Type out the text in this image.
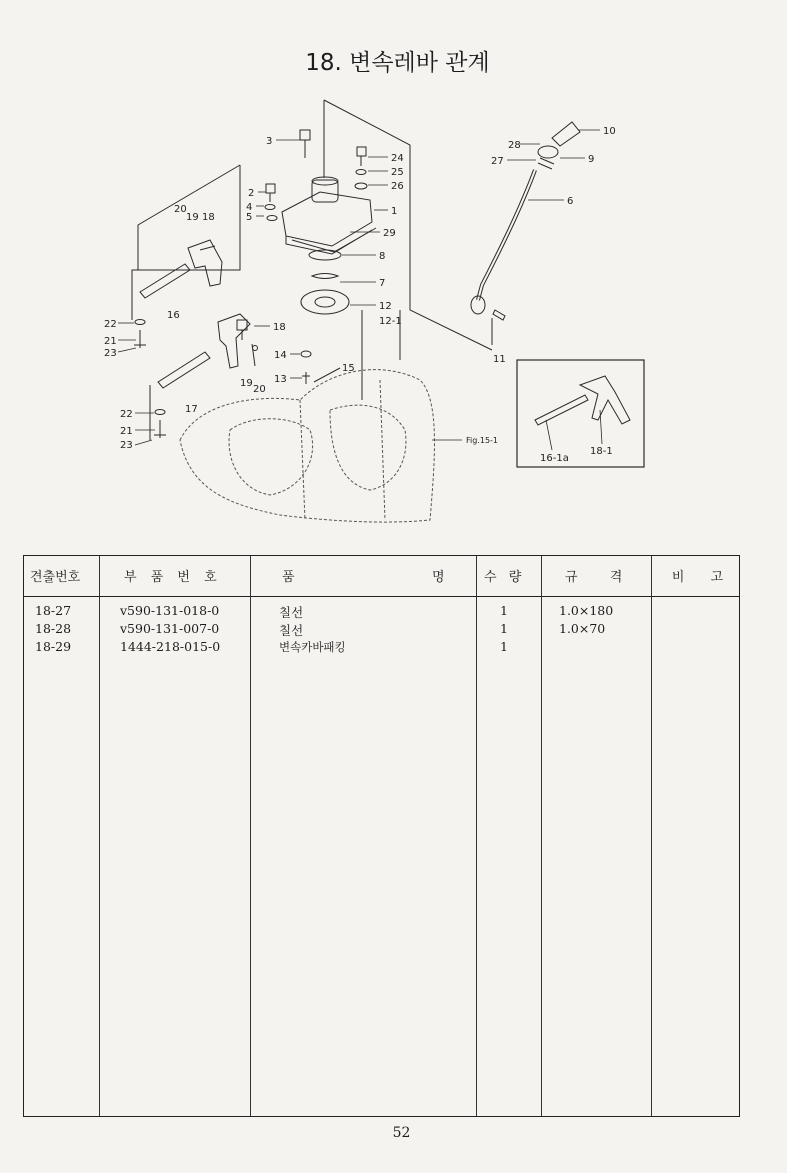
18. 변속레바 관계
3
24
25
26
2
4
5
1
29
8
7
12
12-1
20
19 18
16
22
21
23
18
14
13
15
19
20
17
22
21
23	Fig.15-1
28
27
10
9
6
11
16-1a
18-1
견출번호	부 품 번 호	품	명	수 량	규 격	비 고
18-27	v590-131-018-0	칠선	1	1.0×180
18-28	v590-131-007-0	칠선	1	1.0×70
18-29	1444-218-015-0	변속카바패킹	1
52
